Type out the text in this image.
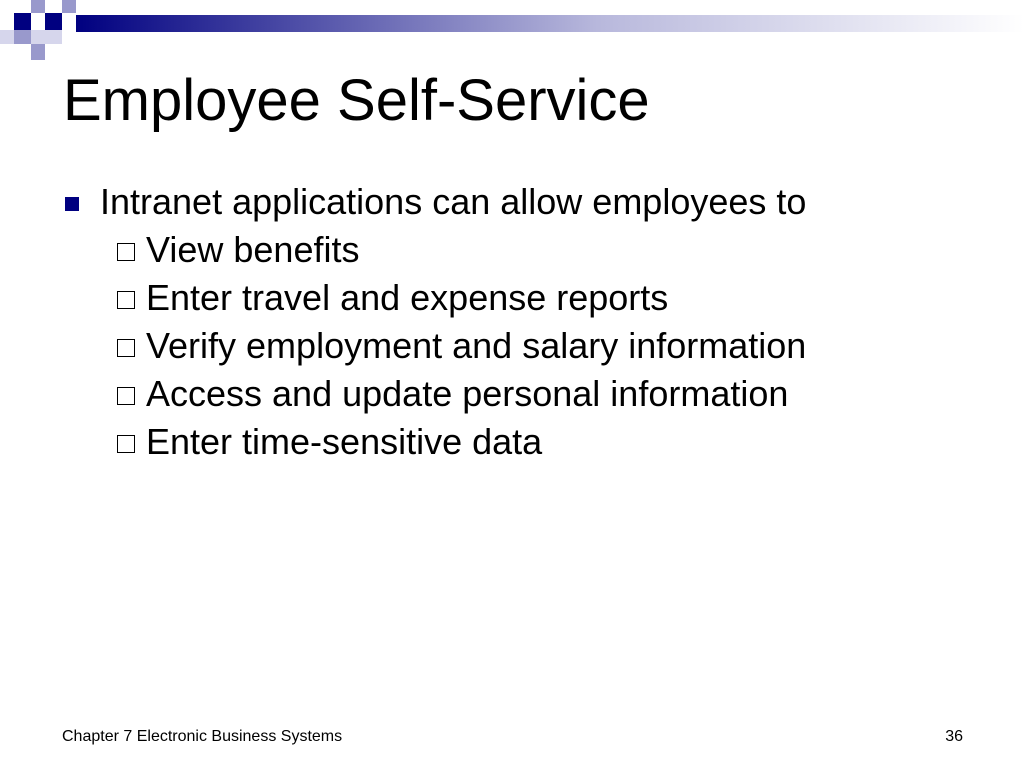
Employee Self-Service
Intranet applications can allow employees to
View benefits
Enter travel and expense reports
Verify employment and salary information
Access and update personal information
Enter time-sensitive data
Chapter 7 Electronic Business Systems	36
